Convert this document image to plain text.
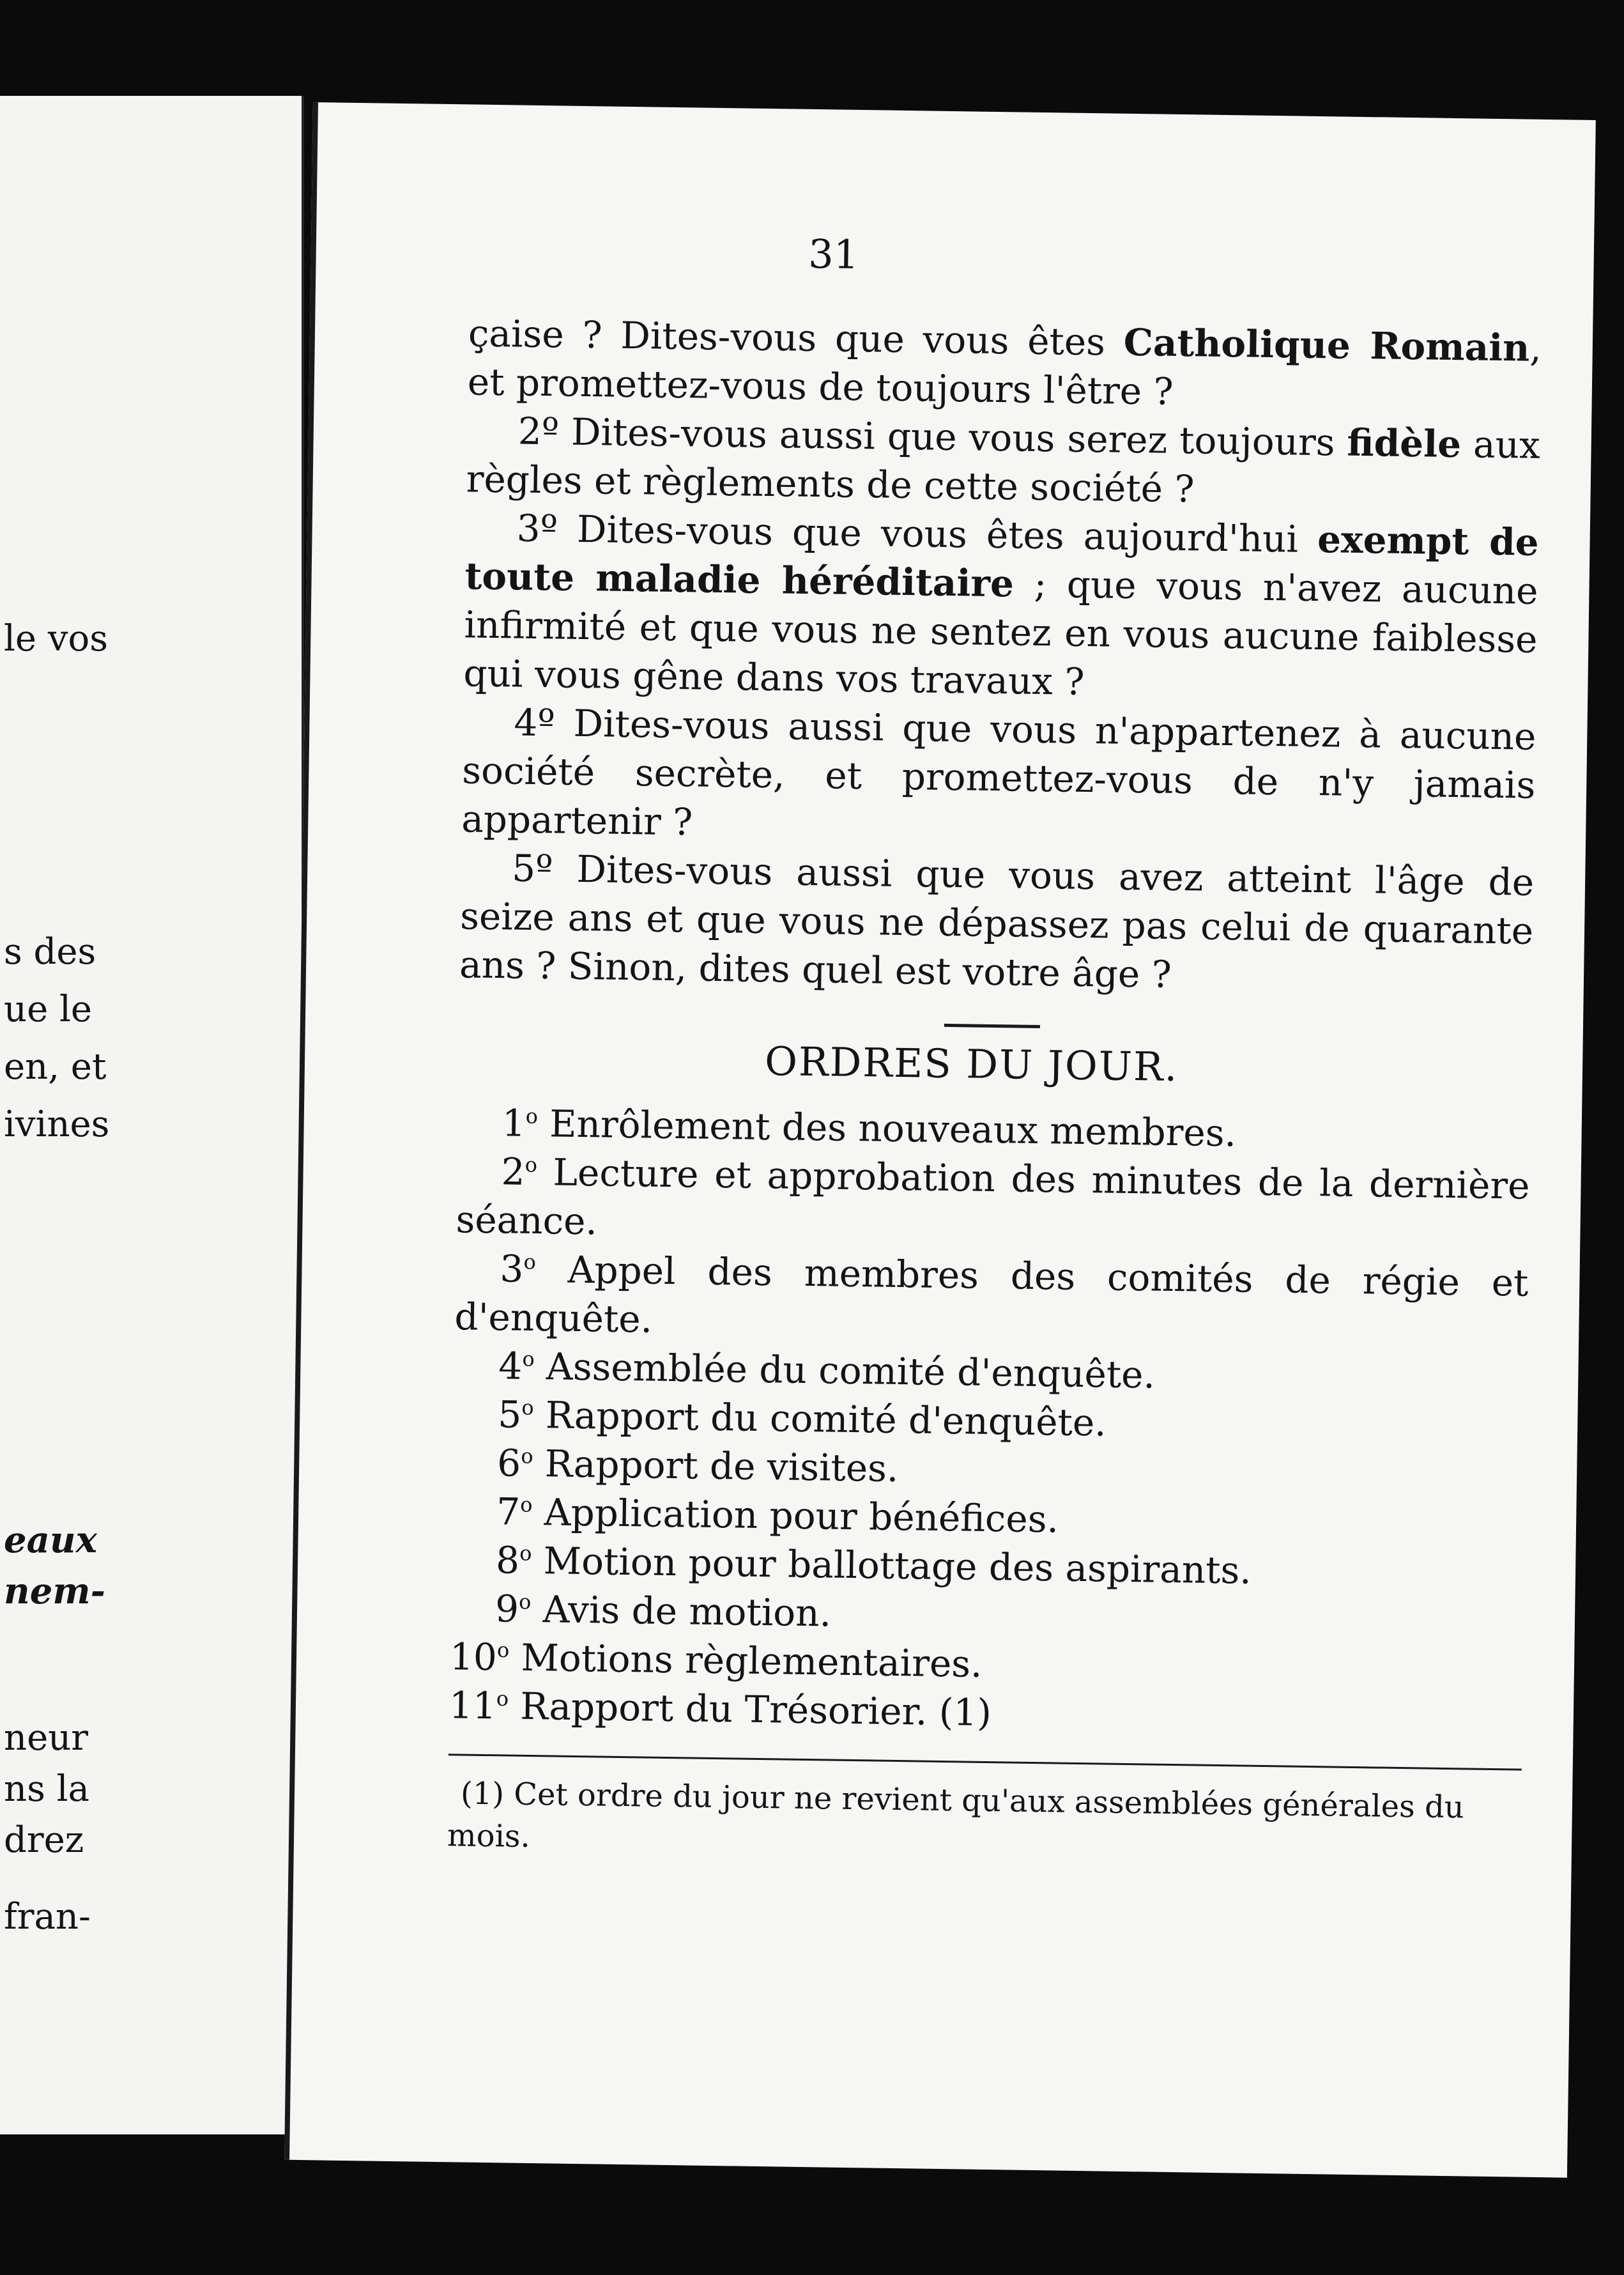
le vos
s des
ue le
en, et
ivines
eaux
nem-
neur
ns la
drez
fran-
31

çaise ? Dites-vous que vous êtes Catholique Romain, et promettez-vous de toujours l'être ?

2º Dites-vous aussi que vous serez toujours fidèle aux règles et règlements de cette société ?

3º Dites-vous que vous êtes aujourd'hui exempt de toute maladie héréditaire ; que vous n'avez aucune infirmité et que vous ne sentez en vous aucune faiblesse qui vous gêne dans vos travaux ?

4º Dites-vous aussi que vous n'appartenez à aucune société secrète, et promettez-vous de n'y jamais appartenir ?

5º Dites-vous aussi que vous avez atteint l'âge de seize ans et que vous ne dépassez pas celui de quarante ans ? Sinon, dites quel est votre âge ?

ORDRES DU JOUR.

1$^o$ Enrôlement des nouveaux membres.

2$^o$ Lecture et approbation des minutes de la dernière séance.

3$^o$ Appel des membres des comités de régie et d'enquête.

4$^o$ Assemblée du comité d'enquête.

5$^o$ Rapport du comité d'enquête.

6$^o$ Rapport de visites.

7$^o$ Application pour bénéfices.

8$^o$ Motion pour ballottage des aspirants.

9$^o$ Avis de motion.

10$^o$ Motions règlementaires.

11$^o$ Rapport du Trésorier. (1)

(1) Cet ordre du jour ne revient qu'aux assemblées générales du mois.
